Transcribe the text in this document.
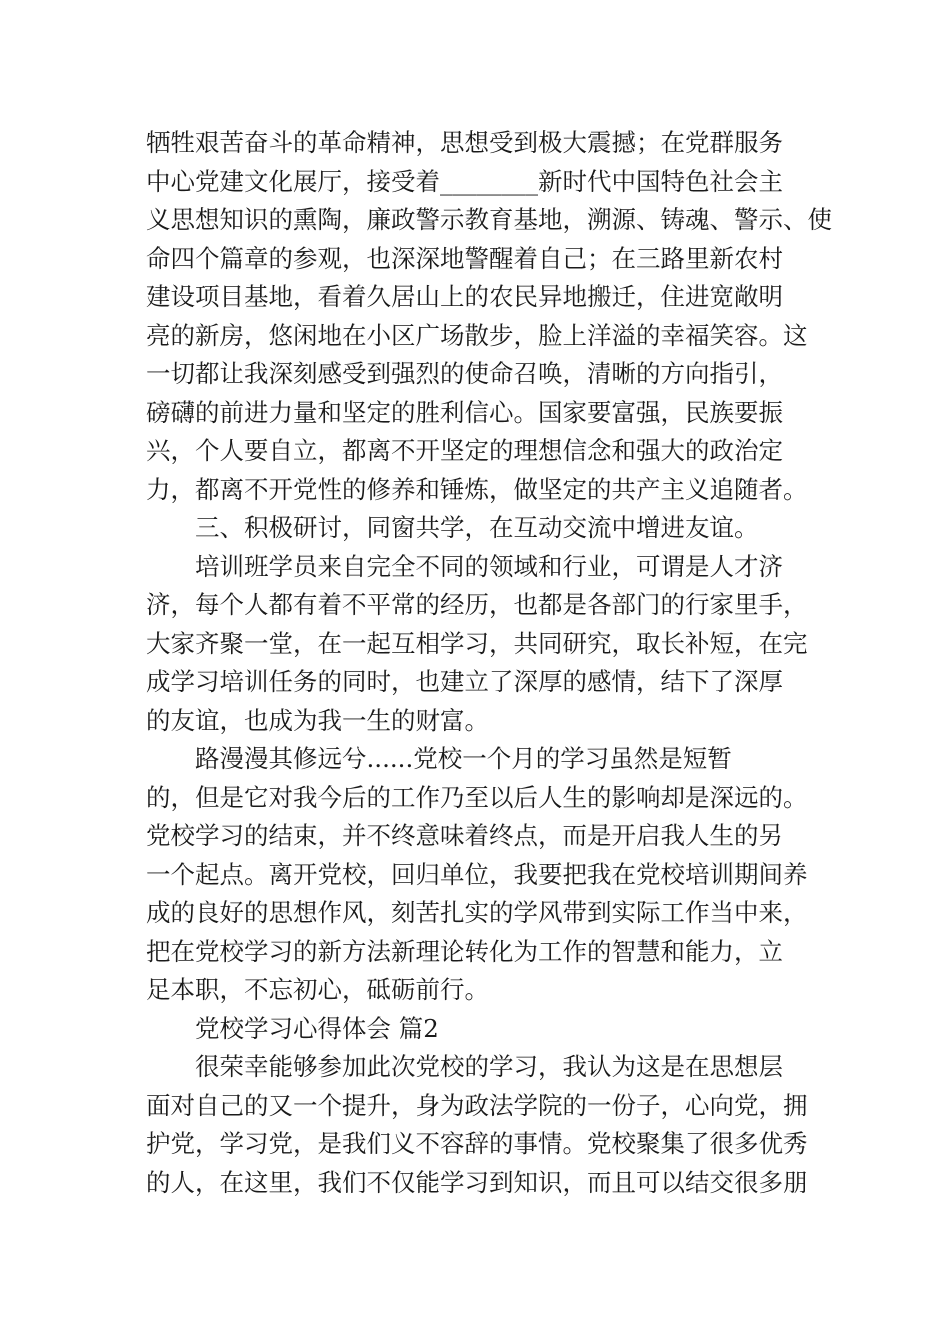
牺牲艰苦奋斗的革命精神，思想受到极大震撼；在党群服务
中心党建文化展厅，接受着________新时代中国特色社会主
义思想知识的熏陶，廉政警示教育基地，溯源、铸魂、警示、使
命四个篇章的参观，也深深地警醒着自己；在三路里新农村
建设项目基地，看着久居山上的农民异地搬迁，住进宽敞明
亮的新房，悠闲地在小区广场散步，脸上洋溢的幸福笑容。这
一切都让我深刻感受到强烈的使命召唤，清晰的方向指引，
磅礴的前进力量和坚定的胜利信心。国家要富强，民族要振
兴，个人要自立，都离不开坚定的理想信念和强大的政治定
力，都离不开党性的修养和锤炼，做坚定的共产主义追随者。
三、积极研讨，同窗共学，在互动交流中增进友谊。
培训班学员来自完全不同的领域和行业，可谓是人才济
济，每个人都有着不平常的经历，也都是各部门的行家里手，
大家齐聚一堂，在一起互相学习，共同研究，取长补短，在完
成学习培训任务的同时，也建立了深厚的感情，结下了深厚
的友谊，也成为我一生的财富。
路漫漫其修远兮......党校一个月的学习虽然是短暂
的，但是它对我今后的工作乃至以后人生的影响却是深远的。
党校学习的结束，并不终意味着终点，而是开启我人生的另
一个起点。离开党校，回归单位，我要把我在党校培训期间养
成的良好的思想作风，刻苦扎实的学风带到实际工作当中来，
把在党校学习的新方法新理论转化为工作的智慧和能力，立
足本职，不忘初心，砥砺前行。
党校学习心得体会 篇2
很荣幸能够参加此次党校的学习，我认为这是在思想层
面对自己的又一个提升，身为政法学院的一份子，心向党，拥
护党，学习党，是我们义不容辞的事情。党校聚集了很多优秀
的人，在这里，我们不仅能学习到知识，而且可以结交很多朋
